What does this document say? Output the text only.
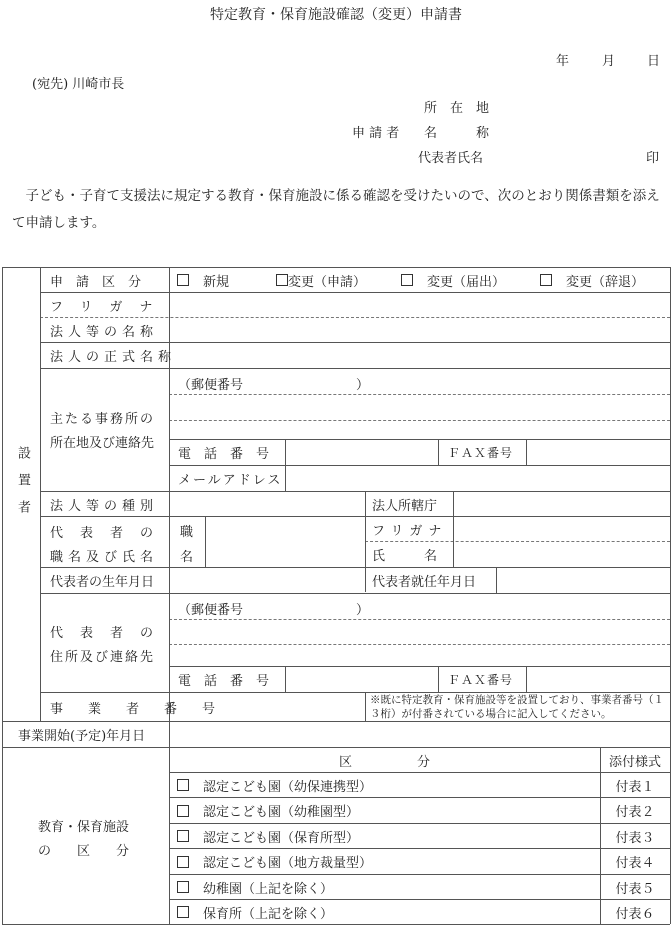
特定教育・保育施設確認（変更）申請書
年	月 日
(宛先) 川崎市長
所　在　地
申 請 者 名　　　称
代表者氏名	印
子ども・子育て支援法に規定する教育・保育施設に係る確認を受けたいので、次のとおり関係書類を添えて申請します。
設置者
申　請　区　分	新規	変更（申請）	変更（届出）	変更（辞退）
フリガナ
法人等の名称
法人の正式名称
主たる事務所の
所在地及び連絡先
（郵便番号	）
電　話　番　号	ＦＡＸ番号
メールアドレス
法人等の種別	法人所轄庁
代　表　者　の
職名及び氏名
職
名
フリガナ
氏　　　名
代表者の生年月日	代表者就任年月日
代　表　者　の
住所及び連絡先
（郵便番号	）
電　話　番　号	ＦＡＸ番号
事　業　者　番　号
※既に特定教育・保育施設等を設置しており、事業者番号（１３桁）が付番されている場合に記入してください。
事業開始(予定)年月日
教育・保育施設
の　　区　　分
区　　　　　分	添付様式
認定こども園（幼保連携型）	付表１
認定こども園（幼稚園型）	付表２
認定こども園（保育所型）	付表３
認定こども園（地方裁量型）	付表４
幼稚園（上記を除く）	付表５
保育所（上記を除く）	付表６
